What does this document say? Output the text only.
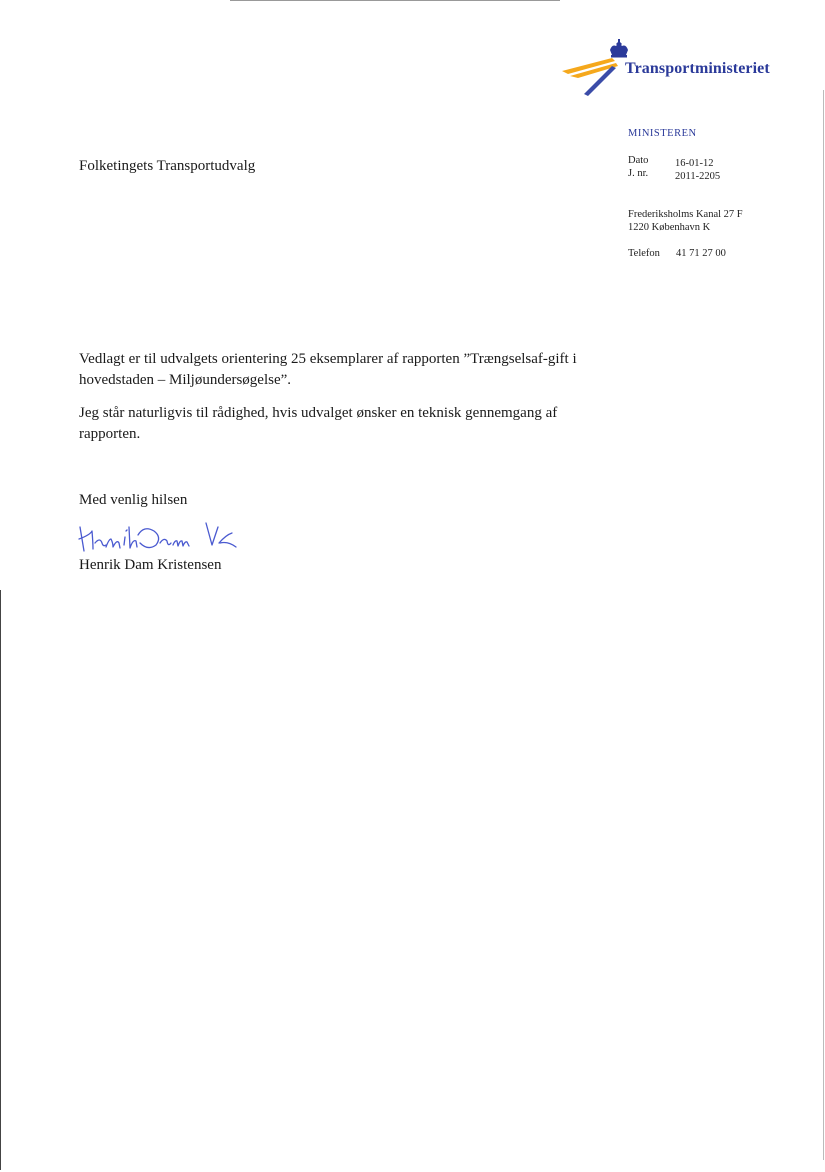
Transportministeriet
MINISTEREN
Dato	16-01-12
J. nr.	2011-2205
Frederiksholms Kanal 27 F
1220 København K
Telefon	41 71 27 00
Folketingets Transportudvalg

Vedlagt er til udvalgets orientering 25 eksemplarer af rapporten ”Trængselsaf-gift i hovedstaden – Miljøundersøgelse”.

Jeg står naturligvis til rådighed, hvis udvalget ønsker en teknisk gennemgang af rapporten.

Med venlig hilsen
Henrik Dam Kristensen
